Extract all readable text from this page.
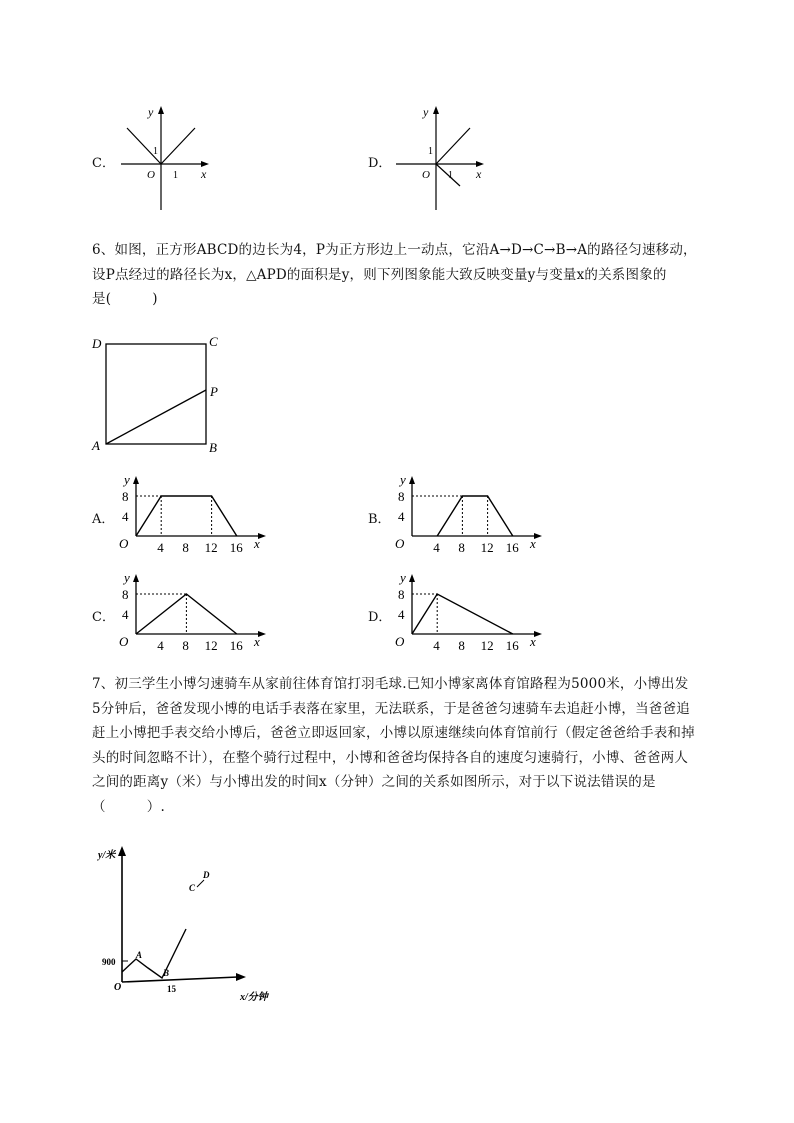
C．
y
x
O 1
1
D．
y
x
O 1
1
6、如图，正方形ABCD的边长为4，P为正方形边上一动点，它沿A→D→C→B→A的路径匀速移动，
设P点经过的路径长为x，△APD的面积是y，则下列图象能大致反映变量y与变量x的关系图象的
是(　　　)
D	C
P
A	B
A．
y
x
O
8
4
4 8 12 16
B．
y
x
O
8
4
4 8 12 16
C．
y
x
O
8
4
4 8 12 16
D．
y
x
O
8
4
4 8 12 16
7、初三学生小博匀速骑车从家前往体育馆打羽毛球.已知小博家离体育馆路程为5000米，小博出发
5分钟后，爸爸发现小博的电话手表落在家里，无法联系，于是爸爸匀速骑车去追赶小博，当爸爸追
赶上小博把手表交给小博后，爸爸立即返回家，小博以原速继续向体育馆前行（假定爸爸给手表和掉
头的时间忽略不计），在整个骑行过程中，小博和爸爸均保持各自的速度匀速骑行，小博、爸爸两人
之间的距离y（米）与小博出发的时间x（分钟）之间的关系如图所示，对于以下说法错误的是
（　　　）.
y/米
x/分钟
O
A
B
C
D
900
15
